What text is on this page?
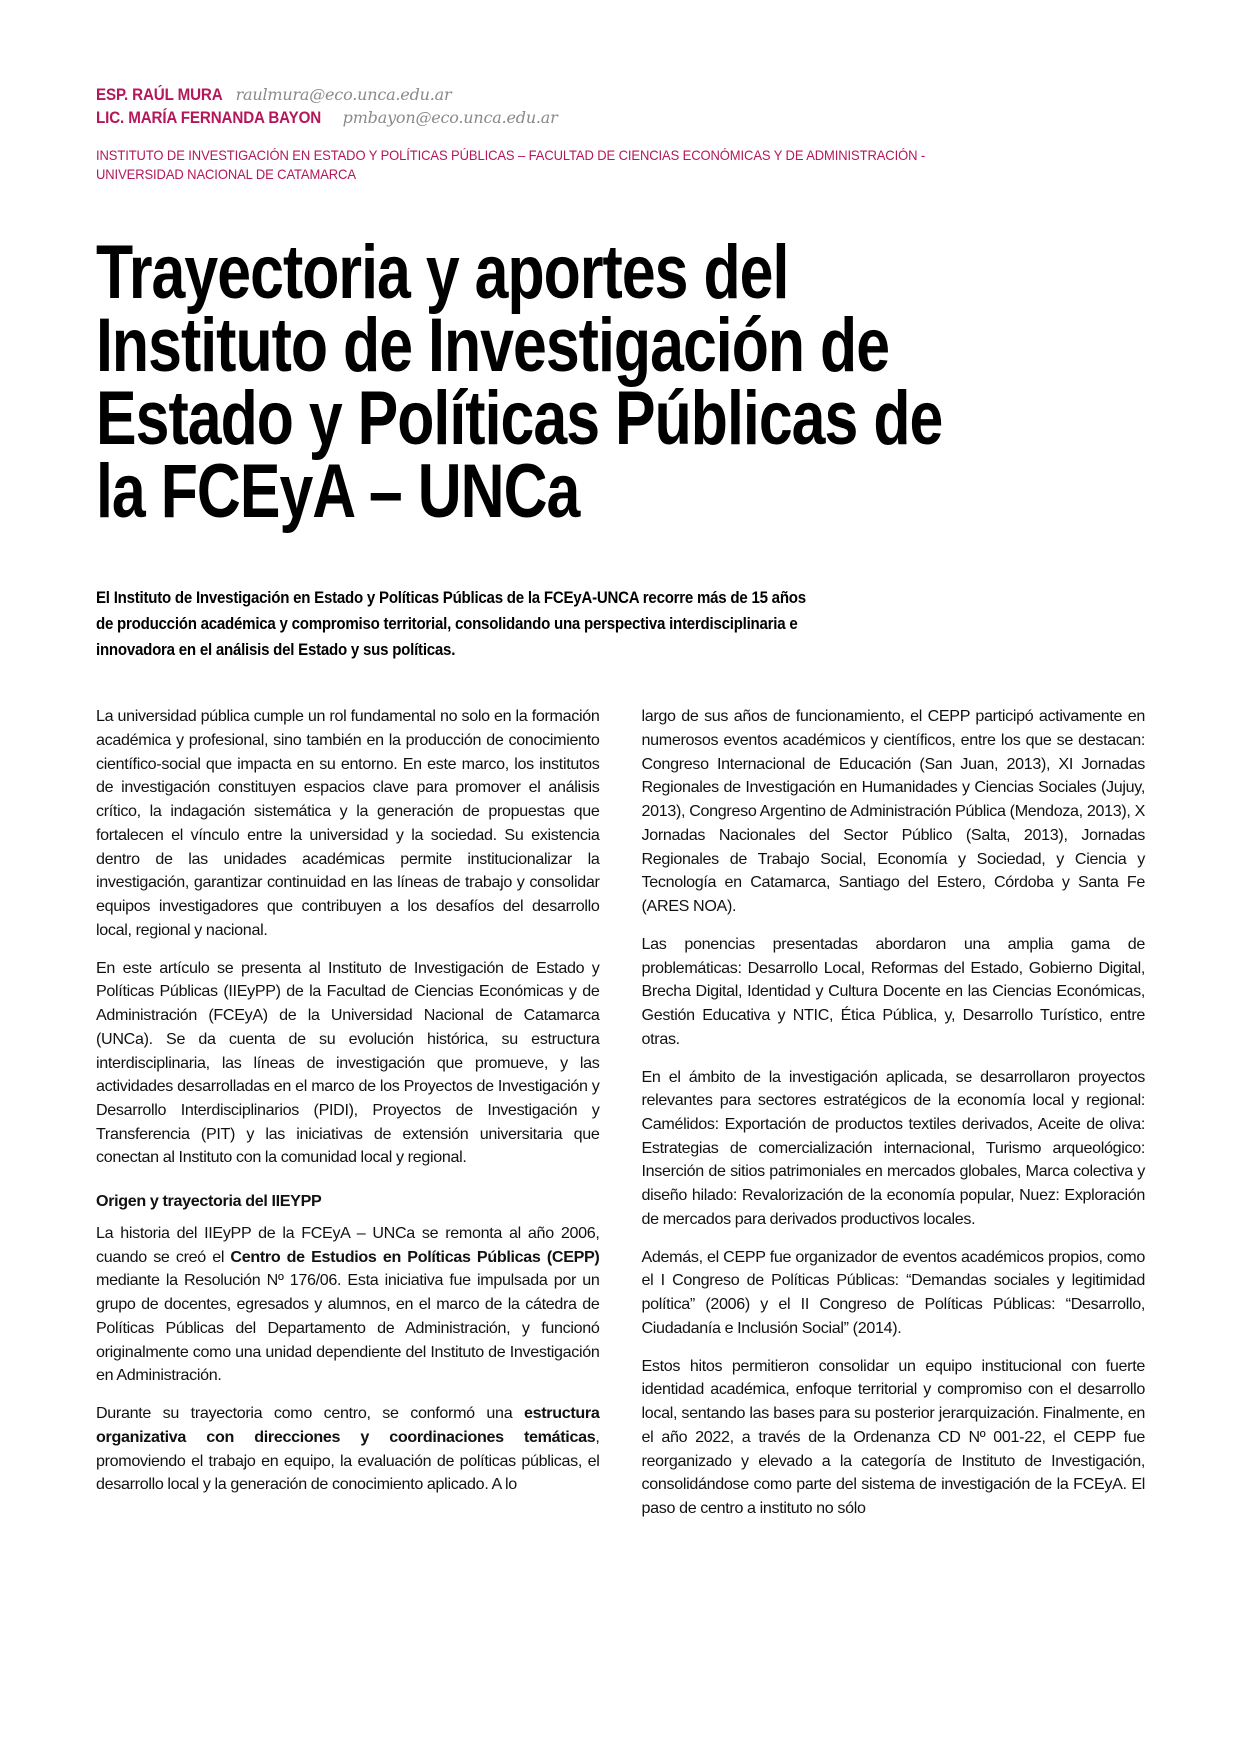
ESP. RAÚL MURA raulmura@eco.unca.edu.ar
LIC. MARÍA FERNANDA BAYON pmbayon@eco.unca.edu.ar
INSTITUTO DE INVESTIGACIÓN EN ESTADO Y POLÍTICAS PÚBLICAS – FACULTAD DE CIENCIAS ECONÓMICAS Y DE ADMINISTRACIÓN -
UNIVERSIDAD NACIONAL DE CATAMARCA
Trayectoria y aportes del
Instituto de Investigación de
Estado y Políticas Públicas de
la FCEyA – UNCa
El Instituto de Investigación en Estado y Políticas Públicas de la FCEyA-UNCA recorre más de 15 años
de producción académica y compromiso territorial, consolidando una perspectiva interdisciplinaria e
innovadora en el análisis del Estado y sus políticas.

La universidad pública cumple un rol fundamental no solo en la formación académica y profesional, sino también en la producción de conocimiento científico-social que impacta en su entorno. En este marco, los institutos de investigación constituyen espacios clave para promover el análisis crítico, la indagación sistemática y la generación de propuestas que fortalecen el vínculo entre la universidad y la sociedad. Su existencia dentro de las unidades académicas permite institucionalizar la investigación, garantizar continuidad en las líneas de trabajo y consolidar equipos investigadores que contribuyen a los desafíos del desarrollo local, regional y nacional.

En este artículo se presenta al Instituto de Investigación de Estado y Políticas Públicas (IIEyPP) de la Facultad de Ciencias Económicas y de Administración (FCEyA) de la Universidad Nacional de Catamarca (UNCa). Se da cuenta de su evolución histórica, su estructura interdisciplinaria, las líneas de investigación que promueve, y las actividades desarrolladas en el marco de los Proyectos de Investigación y Desarrollo Interdisciplinarios (PIDI), Proyectos de Investigación y Transferencia (PIT) y las iniciativas de extensión universitaria que conectan al Instituto con la comunidad local y regional.

Origen y trayectoria del IIEYPP

La historia del IIEyPP de la FCEyA – UNCa se remonta al año 2006, cuando se creó el Centro de Estudios en Políticas Públicas (CEPP) mediante la Resolución Nº 176/06. Esta iniciativa fue impulsada por un grupo de docentes, egresados y alumnos, en el marco de la cátedra de Políticas Públicas del Departamento de Administración, y funcionó originalmente como una unidad dependiente del Instituto de Investigación en Administración.

Durante su trayectoria como centro, se conformó una estructura organizativa con direcciones y coordinaciones temáticas, promoviendo el trabajo en equipo, la evaluación de políticas públicas, el desarrollo local y la generación de conocimiento aplicado. A lo

largo de sus años de funcionamiento, el CEPP participó activamente en numerosos eventos académicos y científicos, entre los que se destacan: Congreso Internacional de Educación (San Juan, 2013), XI Jornadas Regionales de Investigación en Humanidades y Ciencias Sociales (Jujuy, 2013), Congreso Argentino de Administración Pública (Mendoza, 2013), X Jornadas Nacionales del Sector Público (Salta, 2013), Jornadas Regionales de Trabajo Social, Economía y Sociedad, y Ciencia y Tecnología en Catamarca, Santiago del Estero, Córdoba y Santa Fe (ARES NOA).

Las ponencias presentadas abordaron una amplia gama de problemáticas: Desarrollo Local, Reformas del Estado, Gobierno Digital, Brecha Digital, Identidad y Cultura Docente en las Ciencias Económicas, Gestión Educativa y NTIC, Ética Pública, y, Desarrollo Turístico, entre otras.

En el ámbito de la investigación aplicada, se desarrollaron proyectos relevantes para sectores estratégicos de la economía local y regional: Camélidos: Exportación de productos textiles derivados, Aceite de oliva: Estrategias de comercialización internacional, Turismo arqueológico: Inserción de sitios patrimoniales en mercados globales, Marca colectiva y diseño hilado: Revalorización de la economía popular, Nuez: Exploración de mercados para derivados productivos locales.

Además, el CEPP fue organizador de eventos académicos propios, como el I Congreso de Políticas Públicas: “Demandas sociales y legitimidad política” (2006) y el II Congreso de Políticas Públicas: “Desarrollo, Ciudadanía e Inclusión Social” (2014).

Estos hitos permitieron consolidar un equipo institucional con fuerte identidad académica, enfoque territorial y compromiso con el desarrollo local, sentando las bases para su posterior jerarquización. Finalmente, en el año 2022, a través de la Ordenanza CD Nº 001-22, el CEPP fue reorganizado y elevado a la categoría de Instituto de Investigación, consolidándose como parte del sistema de investigación de la FCEyA. El paso de centro a instituto no sólo
